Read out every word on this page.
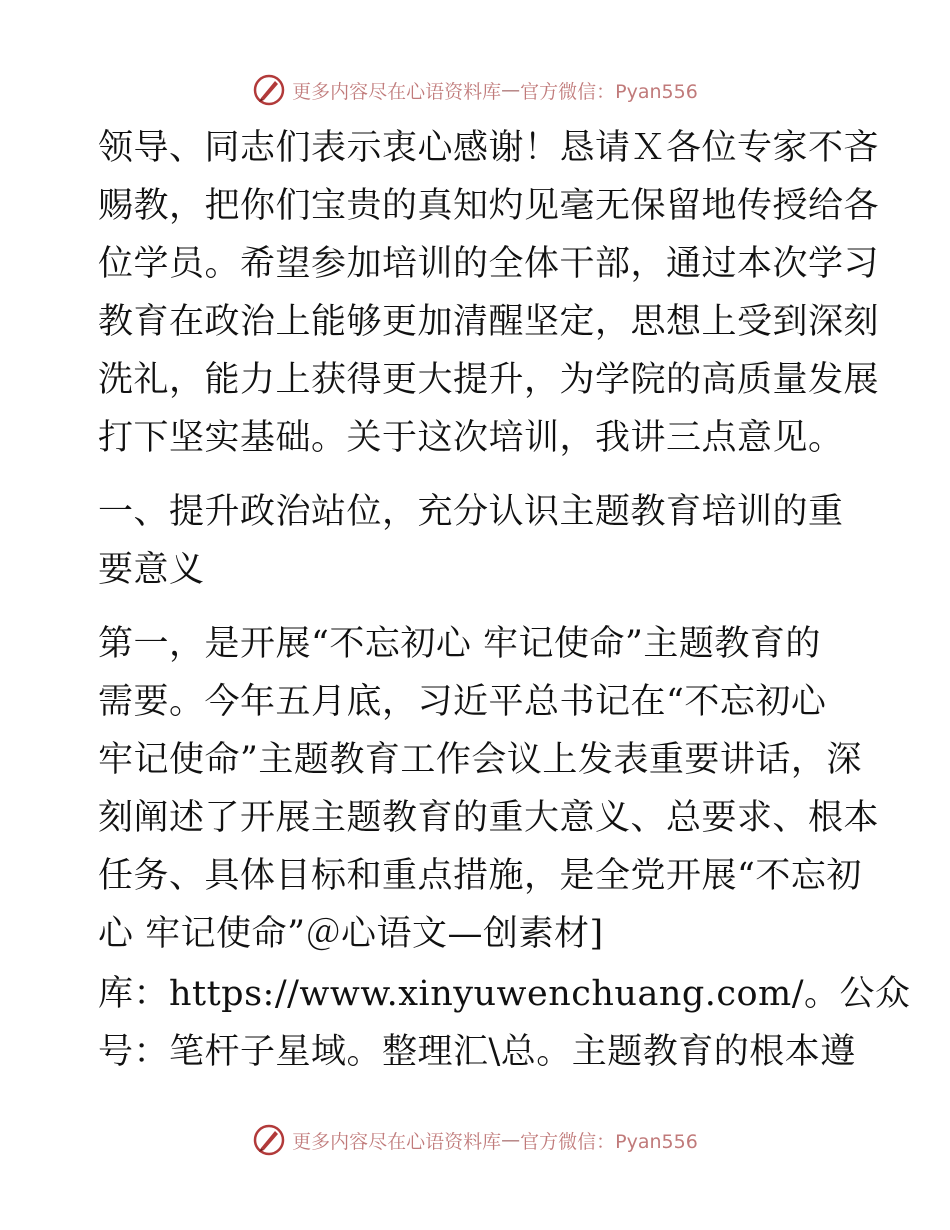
更多内容尽在心语资料库 — 官方微信：Pyan556
领导、同志们表示衷心感谢！恳请Ｘ各位专家不吝
赐教，把你们宝贵的真知灼见毫无保留地传授给各
位学员。希望参加培训的全体干部，通过本次学习
教育在政治上能够更加清醒坚定，思想上受到深刻
洗礼，能力上获得更大提升，为学院的高质量发展
打下坚实基础。关于这次培训，我讲三点意见。
一、提升政治站位，充分认识主题教育培训的重
要意义
第一，是开展“不忘初心 牢记使命”主题教育的
需要。今年五月底，习近平总书记在“不忘初心
牢记使命”主题教育工作会议上发表重要讲话，深
刻阐述了开展主题教育的重大意义、总要求、根本
任务、具体目标和重点措施，是全党开展“不忘初
心 牢记使命”＠心语文—创素材]
库：https://www.xinyuwenchuang.com/。公众
号：笔杆子星域。整理汇\总。主题教育的根本遵
更多内容尽在心语资料库 — 官方微信：Pyan556
